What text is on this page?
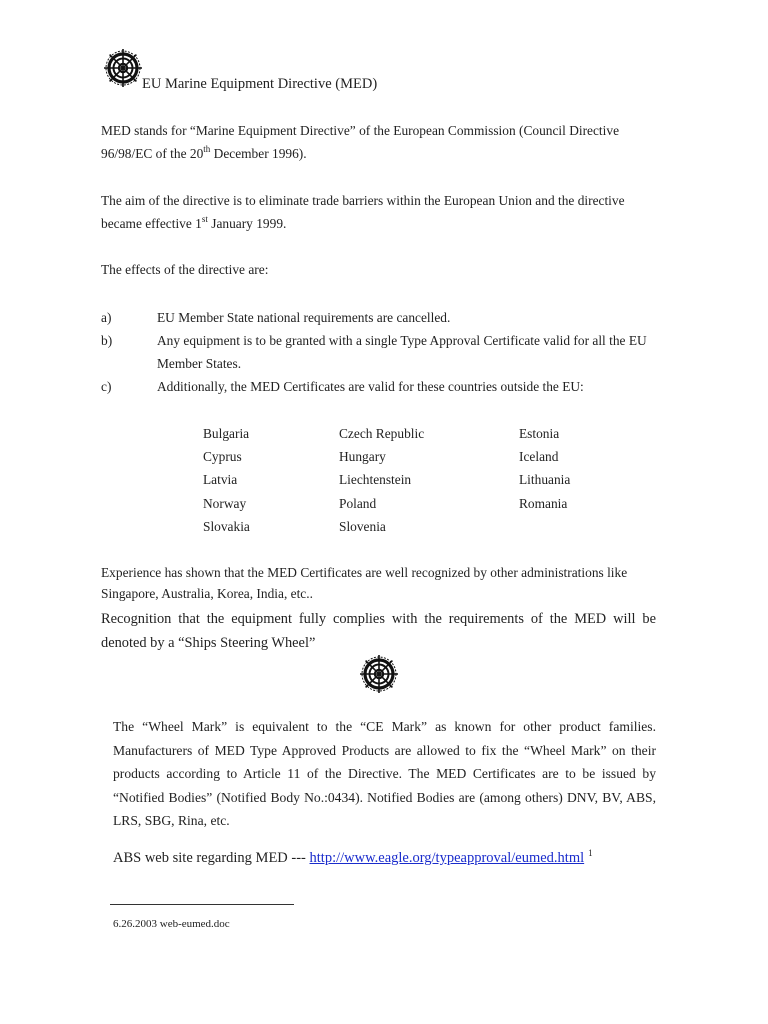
EU Marine Equipment Directive (MED)
MED stands for “Marine Equipment Directive” of the European Commission (Council Directive
96/98/EC of the 20th December 1996).
The aim of the directive is to eliminate trade barriers within the European Union and the directive
became effective 1st January 1999.
The effects of the directive are:
a)	EU Member State national requirements are cancelled.
b)	Any equipment is to be granted with a single Type Approval Certificate valid for all the EU Member States.
c)	Additionally, the MED Certificates are valid for these countries outside the EU:
Bulgaria	Czech Republic	Estonia
Cyprus	Hungary	Iceland
Latvia	Liechtenstein	Lithuania
Norway	Poland	Romania
Slovakia	Slovenia
Experience has shown that the MED Certificates are well recognized by other administrations like
Singapore, Australia, Korea, India, etc..
Recognition that the equipment fully complies with the requirements of the MED will be denoted by a “Ships Steering Wheel”
The “Wheel Mark” is equivalent to the “CE Mark” as known for other product families. Manufacturers of MED Type Approved Products are allowed to fix the “Wheel Mark” on their products according to Article 11 of the Directive. The MED Certificates are to be issued by “Notified Bodies” (Notified Body No.:0434). Notified Bodies are (among others) DNV, BV, ABS, LRS, SBG, Rina, etc.
ABS web site regarding MED --- http://www.eagle.org/typeapproval/eumed.html $^1$
6.26.2003 web-eumed.doc
